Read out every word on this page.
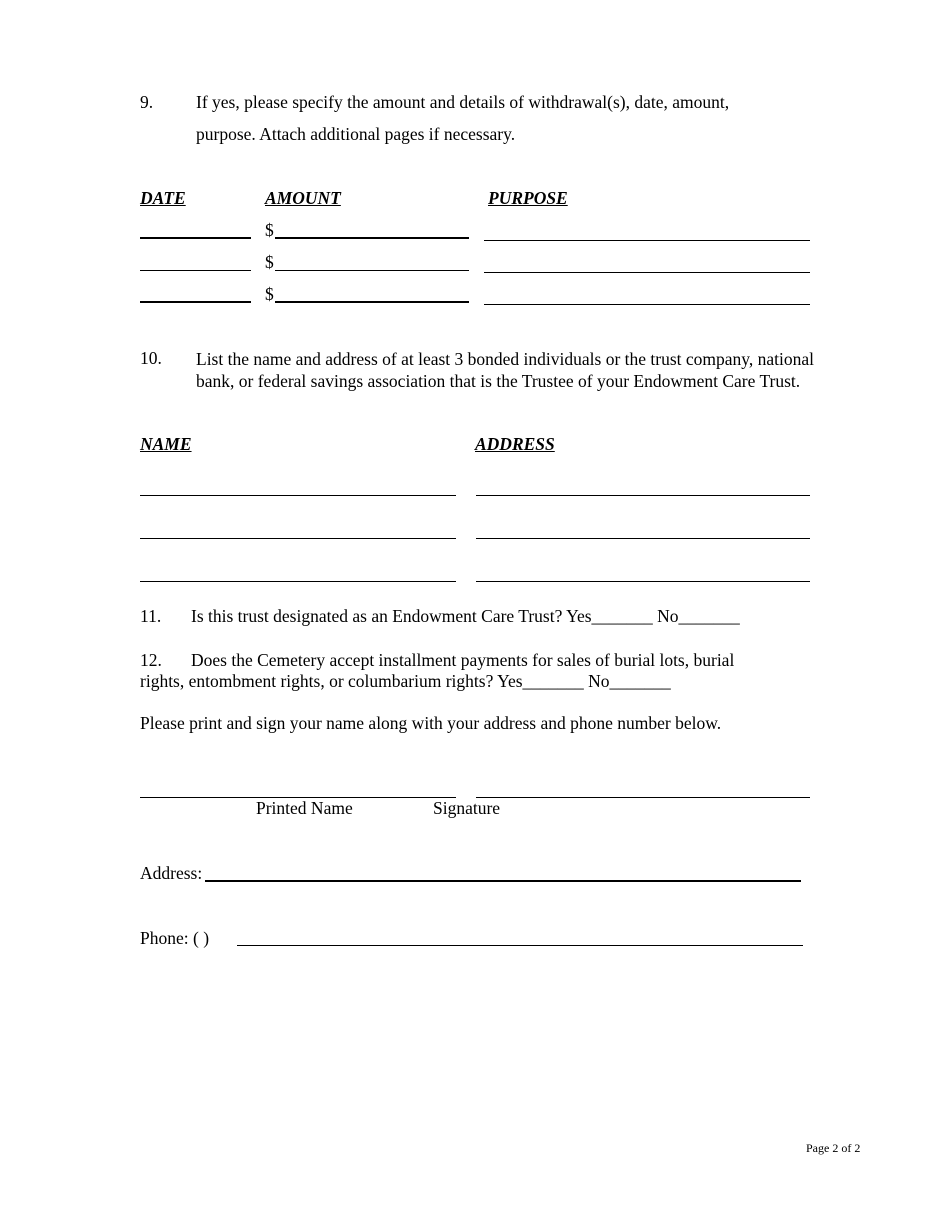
9. If yes, please specify the amount and details of withdrawal(s), date, amount,
purpose. Attach additional pages if necessary.
DATE	AMOUNT	PURPOSE
$
$
$
10. List the name and address of at least 3 bonded individuals or the trust company, national bank, or federal savings association that is the Trustee of your Endowment Care Trust.
NAME	ADDRESS
11. Is this trust designated as an Endowment Care Trust? Yes_______ No_______
12. Does the Cemetery accept installment payments for sales of burial lots, burial
rights, entombment rights, or columbarium rights? Yes_______ No_______
Please print and sign your name along with your address and phone number below.
Printed Name	Signature
Address:
Phone: ( )
Page 2 of 2
